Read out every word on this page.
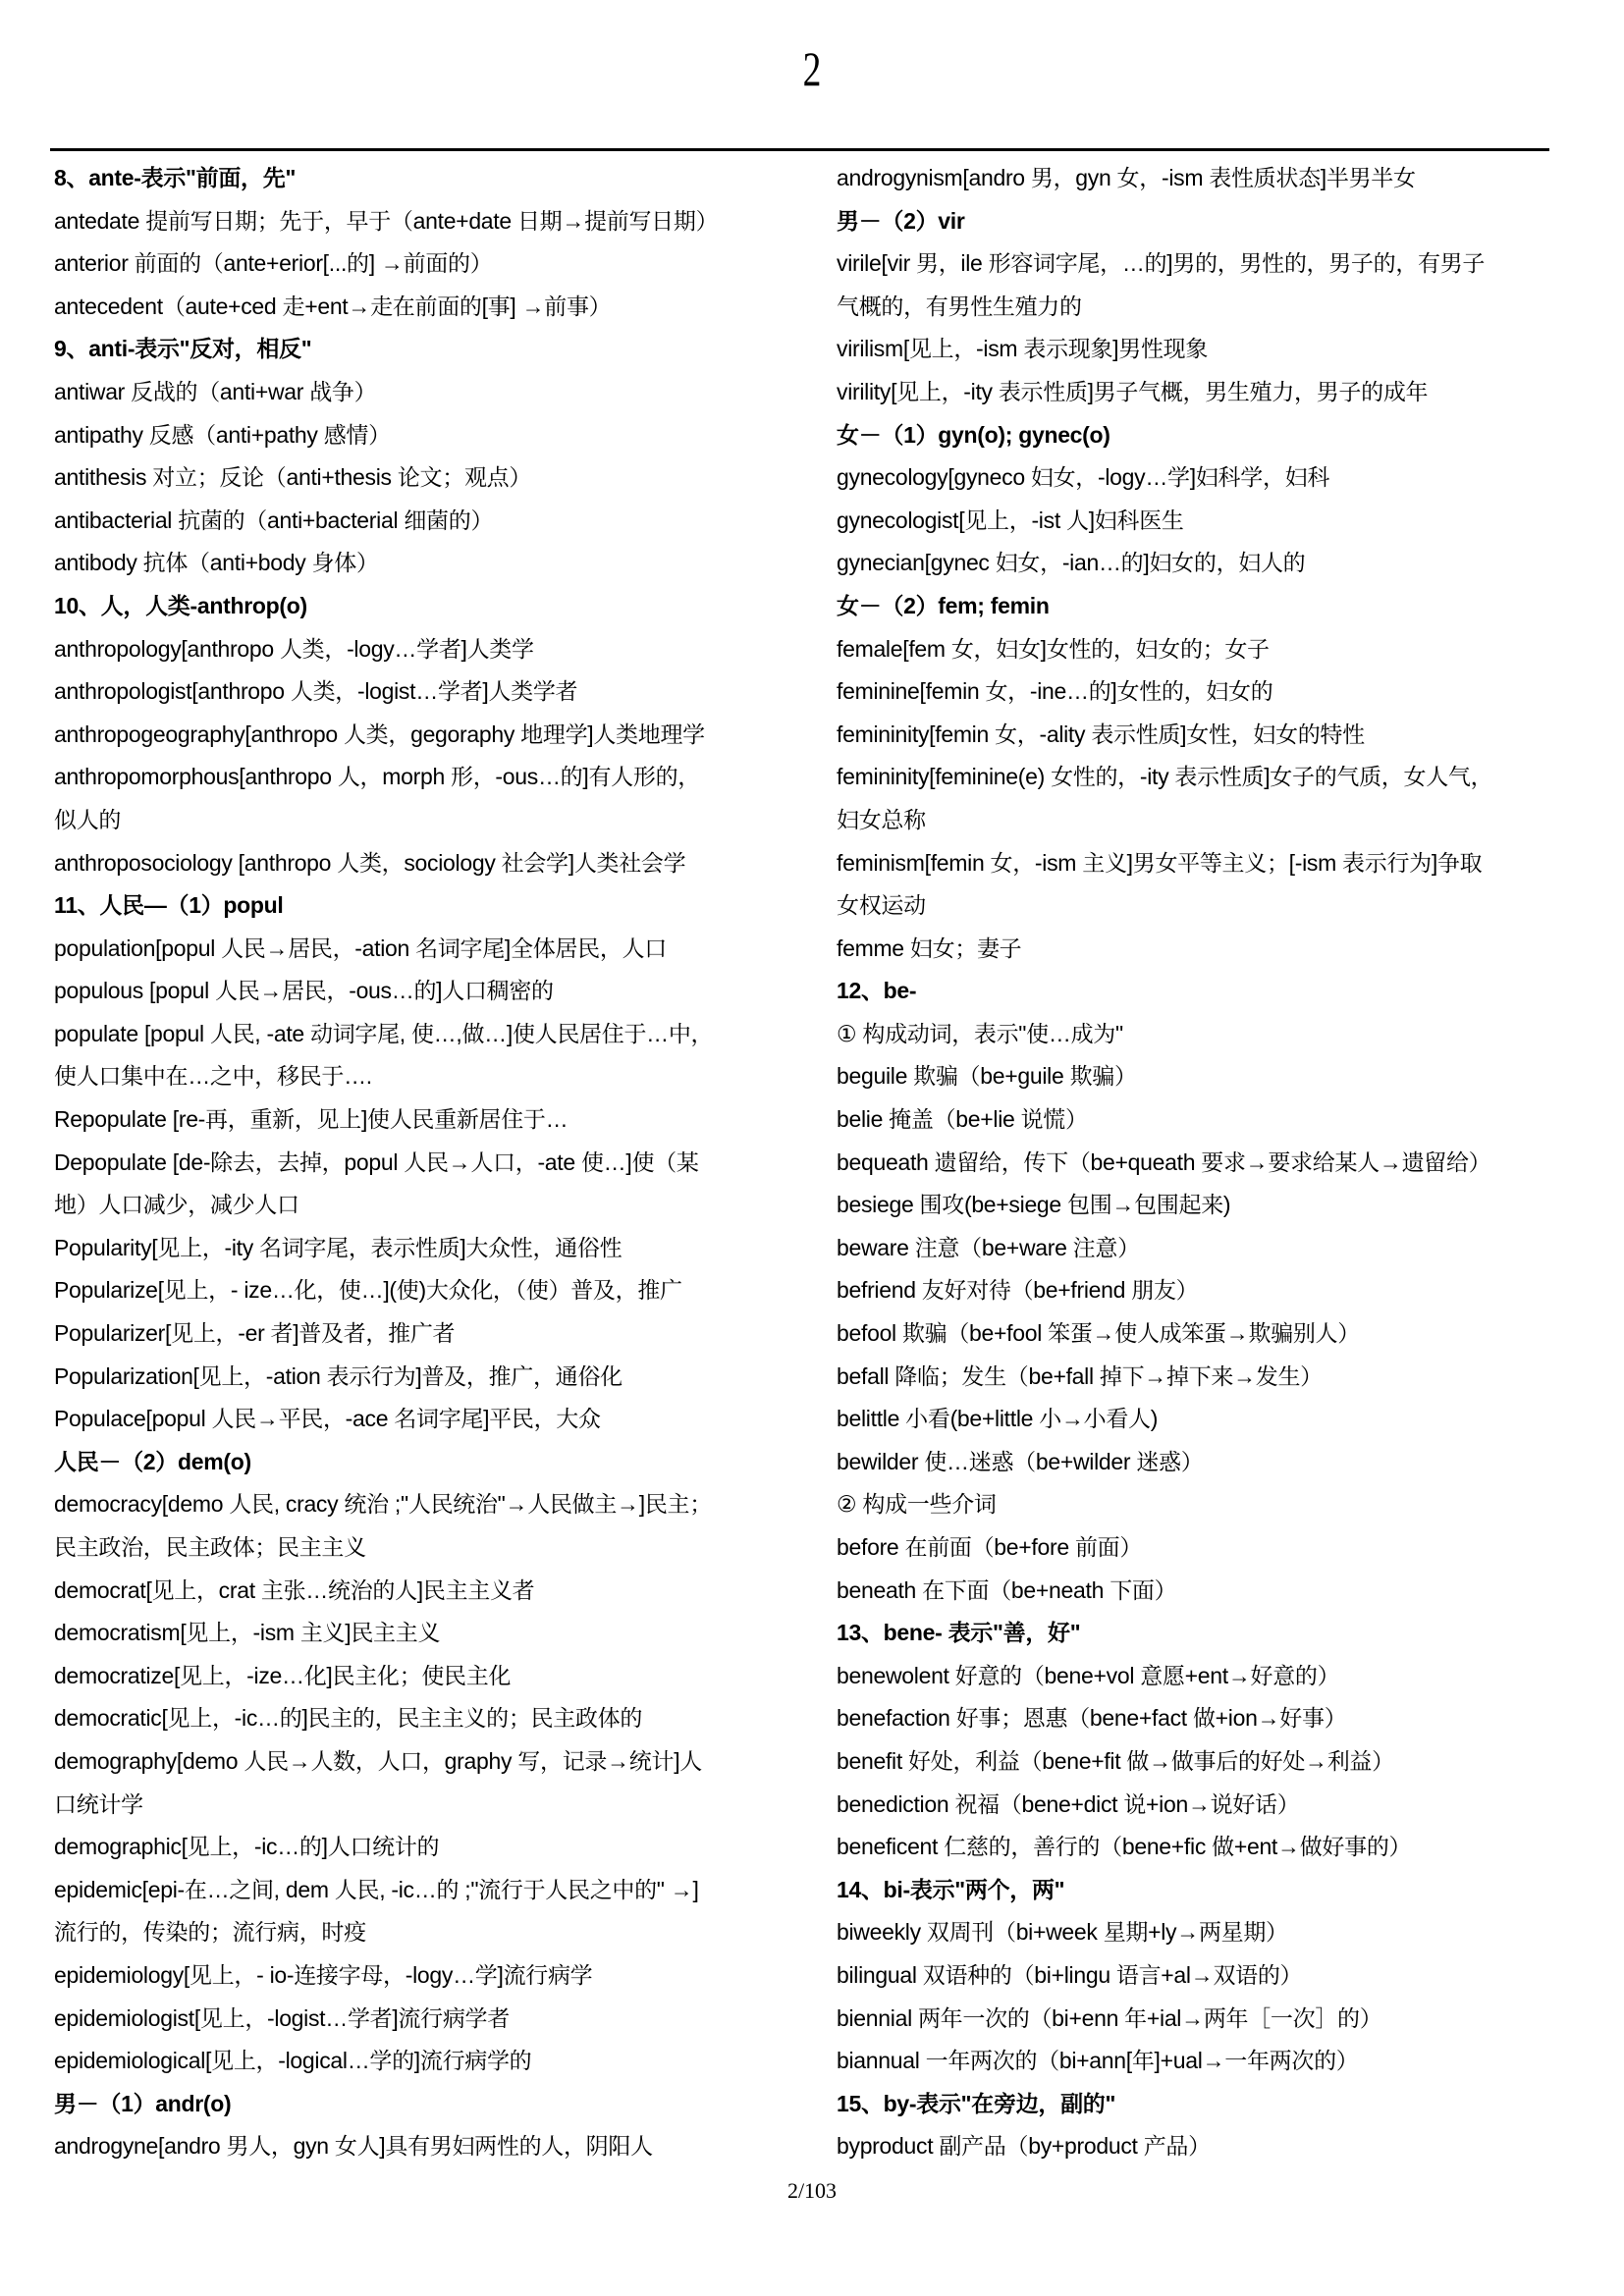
2
8、ante-表示"前面，先"
antedate 提前写日期；先于，早于（ante+date 日期→提前写日期）
anterior 前面的（ante+erior[...的] →前面的）
antecedent（aute+ced 走+ent→走在前面的[事] →前事）
9、anti-表示"反对，相反"
antiwar 反战的（anti+war 战争）
antipathy 反感（anti+pathy 感情）
antithesis 对立；反论（anti+thesis 论文；观点）
antibacterial 抗菌的（anti+bacterial 细菌的）
antibody 抗体（anti+body 身体）
10、人，人类-anthrop(o)
anthropology[anthropo 人类，-logy…学者]人类学
anthropologist[anthropo 人类，-logist…学者]人类学者
anthropogeography[anthropo 人类，gegoraphy 地理学]人类地理学
anthropomorphous[anthropo 人，morph 形，-ous…的]有人形的，
似人的
anthroposociology [anthropo 人类，sociology 社会学]人类社会学
11、人民—（1）popul
population[popul 人民→居民，-ation 名词字尾]全体居民，人口
populous [popul 人民→居民，-ous…的]人口稠密的
populate [popul 人民, -ate 动词字尾, 使…,做…]使人民居住于…中，
使人口集中在…之中，移民于….
Repopulate [re-再，重新，见上]使人民重新居住于…
Depopulate [de-除去，去掉，popul 人民→人口，-ate 使…]使（某
地）人口减少，减少人口
Popularity[见上，-ity 名词字尾，表示性质]大众性，通俗性
Popularize[见上，- ize…化，使…](使)大众化，（使）普及，推广
Popularizer[见上，-er 者]普及者，推广者
Popularization[见上，-ation 表示行为]普及，推广，通俗化
Populace[popul 人民→平民，-ace 名词字尾]平民，大众
人民－（2）dem(o)
democracy[demo 人民, cracy 统治 ;"人民统治"→人民做主→]民主；
民主政治，民主政体；民主主义
democrat[见上，crat 主张…统治的人]民主主义者
democratism[见上，-ism 主义]民主主义
democratize[见上，-ize…化]民主化；使民主化
democratic[见上，-ic…的]民主的，民主主义的；民主政体的
demography[demo 人民→人数，人口，graphy 写，记录→统计]人
口统计学
demographic[见上，-ic…的]人口统计的
epidemic[epi-在…之间, dem 人民, -ic…的 ;"流行于人民之中的" →]
流行的，传染的；流行病，时疫
epidemiology[见上，- io-连接字母，-logy…学]流行病学
epidemiologist[见上，-logist…学者]流行病学者
epidemiological[见上，-logical…学的]流行病学的
男－（1）andr(o)
androgyne[andro 男人，gyn 女人]具有男妇两性的人，阴阳人
androgynism[andro 男，gyn 女，-ism 表性质状态]半男半女
男－（2）vir
virile[vir 男，ile 形容词字尾，…的]男的，男性的，男子的，有男子
气概的，有男性生殖力的
virilism[见上，-ism 表示现象]男性现象
virility[见上，-ity 表示性质]男子气概，男生殖力，男子的成年
女－（1）gyn(o); gynec(o)
gynecology[gyneco 妇女，-logy…学]妇科学，妇科
gynecologist[见上，-ist 人]妇科医生
gynecian[gynec 妇女，-ian…的]妇女的，妇人的
女－（2）fem; femin
female[fem 女，妇女]女性的，妇女的；女子
feminine[femin 女，-ine…的]女性的，妇女的
femininity[femin 女，-ality 表示性质]女性，妇女的特性
femininity[feminine(e) 女性的，-ity 表示性质]女子的气质，女人气，
妇女总称
feminism[femin 女，-ism 主义]男女平等主义；[-ism 表示行为]争取
女权运动
femme 妇女；妻子
12、be-
① 构成动词，表示"使…成为"
beguile 欺骗（be+guile 欺骗）
belie 掩盖（be+lie 说慌）
bequeath 遗留给，传下（be+queath 要求→要求给某人→遗留给）
besiege 围攻(be+siege 包围→包围起来)
beware 注意（be+ware 注意）
befriend 友好对待（be+friend 朋友）
befool 欺骗（be+fool 笨蛋→使人成笨蛋→欺骗别人）
befall 降临；发生（be+fall 掉下→掉下来→发生）
belittle 小看(be+little 小→小看人)
bewilder 使…迷惑（be+wilder 迷惑）
② 构成一些介词
before 在前面（be+fore 前面）
beneath 在下面（be+neath 下面）
13、bene- 表示"善，好"
benewolent 好意的（bene+vol 意愿+ent→好意的）
benefaction 好事；恩惠（bene+fact 做+ion→好事）
benefit 好处，利益（bene+fit 做→做事后的好处→利益）
benediction 祝福（bene+dict 说+ion→说好话）
beneficent 仁慈的，善行的（bene+fic 做+ent→做好事的）
14、bi-表示"两个，两"
biweekly 双周刊（bi+week 星期+ly→两星期）
bilingual 双语种的（bi+lingu 语言+al→双语的）
biennial 两年一次的（bi+enn 年+ial→两年［一次］的）
biannual 一年两次的（bi+ann[年]+ual→一年两次的）
15、by-表示"在旁边，副的"
byproduct 副产品（by+product 产品）
2/103
